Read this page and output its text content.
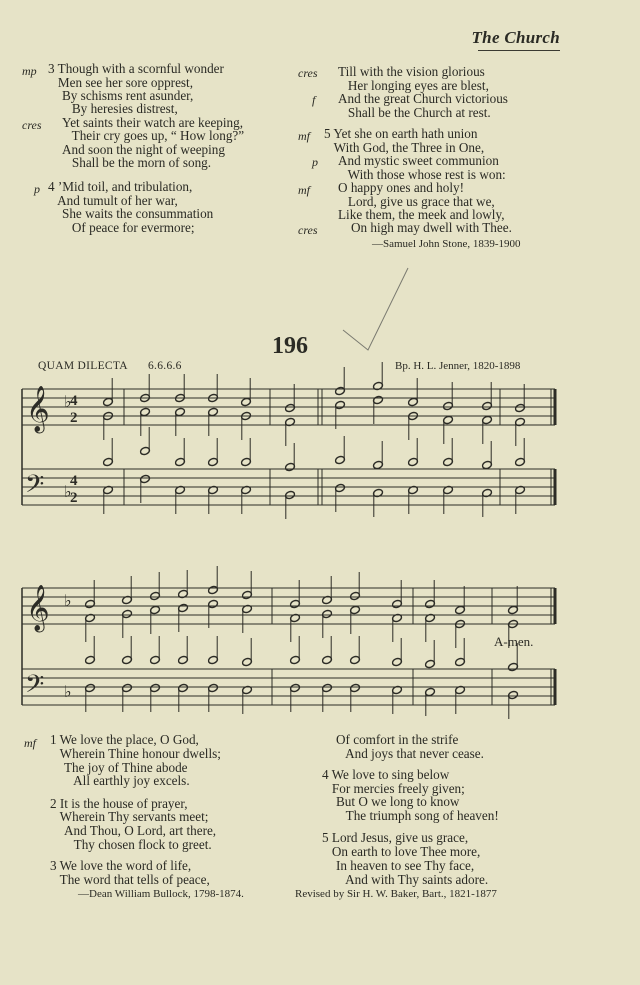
The Church
mp 3 Though with a scornful wonder
Men see her sore opprest,
By schisms rent asunder,
By heresies distrest,
cres Yet saints their watch are keeping,
Their cry goes up, “ How long?”
And soon the night of weeping
Shall be the morn of song.
p 4 ’Mid toil, and tribulation,
And tumult of her war,
She waits the consummation
Of peace for evermore;
cres Till with the vision glorious
Her longing eyes are blest,
f And the great Church victorious
Shall be the Church at rest.
mf 5 Yet she on earth hath union
With God, the Three in One,
p And mystic sweet communion
With those whose rest is won:
mf O happy ones and holy!
Lord, give us grace that we,
Like them, the meek and lowly,
cres	On high may dwell with Thee.
—Samuel John Stone, 1839-1900
196
QUAM DILECTA 6.6.6.6	Bp. H. L. Jenner, 1820-1898
𝄞
𝄢
♭
♭
4
2
4
2
𝄞
𝄢
♭
♭
A-men.
mf 1 We love the place, O God,
Wherein Thine honour dwells;
The joy of Thine abode
All earthly joy excels.
2 It is the house of prayer,
Wherein Thy servants meet;
And Thou, O Lord, art there,
Thy chosen flock to greet.
3 We love the word of life,
The word that tells of peace,
—Dean William Bullock, 1798-1874.
Of comfort in the strife
And joys that never cease.
4 We love to sing below
For mercies freely given;
But O we long to know
The triumph song of heaven!
5 Lord Jesus, give us grace,
On earth to love Thee more,
In heaven to see Thy face,
And with Thy saints adore.
Revised by Sir H. W. Baker, Bart., 1821-1877
